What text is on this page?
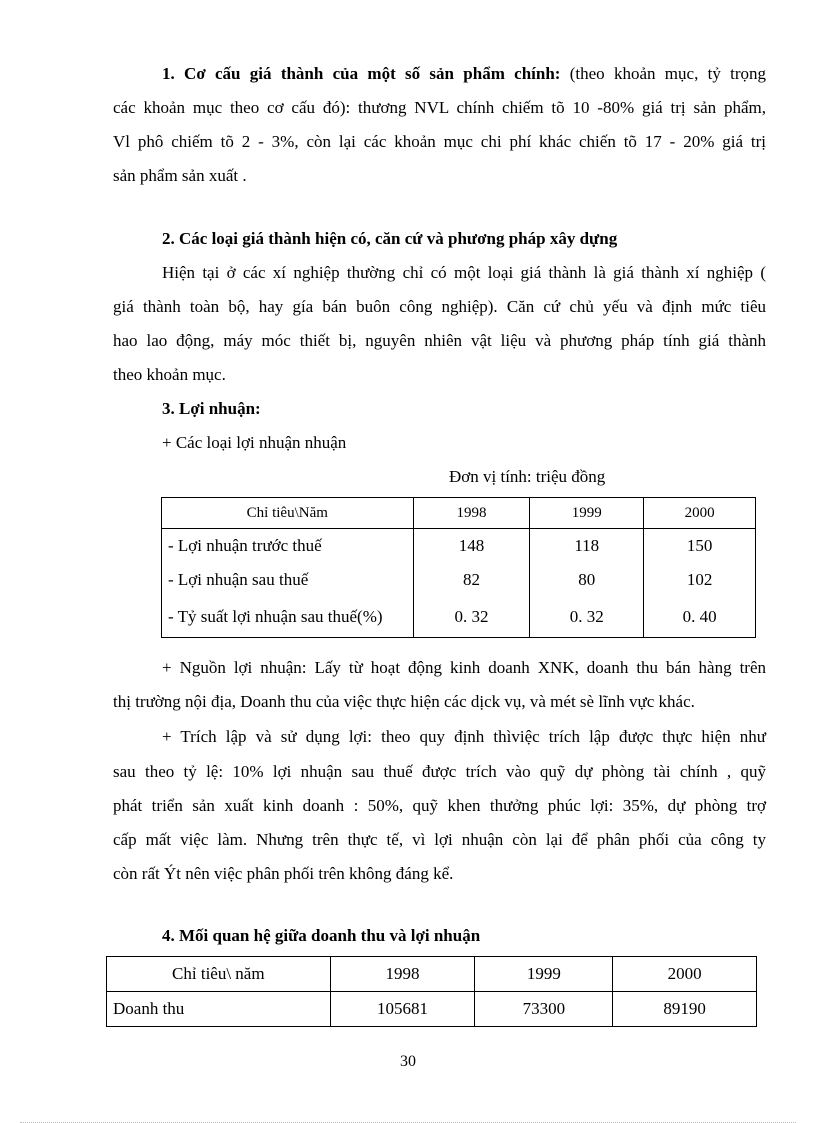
1. Cơ cấu giá thành của một số sản phẩm chính: (theo khoản mục, tỷ trọng
các khoản mục theo cơ cấu đó): thương NVL chính chiếm tõ 10 -80% giá trị sản phẩm,
Vl phô chiếm tõ 2 - 3%, còn lại các khoản mục chi phí khác chiến tõ 17 - 20% giá trị
sản phẩm sản xuất .
2. Các loại giá thành hiện có, căn cứ và phương pháp xây dựng
Hiện tại ở các xí nghiệp thường chỉ có một loại giá thành là giá thành xí nghiệp (
giá thành toàn bộ, hay gía bán buôn công nghiệp). Căn cứ chủ yếu và định mức tiêu
hao lao động, máy móc thiết bị, nguyên nhiên vật liệu và phương pháp tính giá thành
theo khoản mục.
3. Lợi nhuận:
+ Các loại lợi nhuận nhuận
Đơn vị tính: triệu đồng
Chỉ tiêu\Năm	1998	1999	2000
- Lợi nhuận trước thuế	148	118	150
- Lợi nhuận sau thuế	82	80	102
- Tỷ suất lợi nhuận sau thuế(%)	0. 32	0. 32	0. 40
+ Nguồn lợi nhuận: Lấy từ hoạt động kinh doanh XNK, doanh thu bán hàng trên
thị trường nội địa, Doanh thu của việc thực hiện các dịck vụ, và mét sè lĩnh vực khác.
+ Trích lập và sử dụng lợi: theo quy định thìviệc trích lập được thực hiện như
sau theo tỷ lệ: 10% lợi nhuận sau thuế được trích vào quỹ dự phòng tài chính , quỹ
phát triển sản xuất kinh doanh : 50%, quỹ khen thưởng phúc lợi: 35%, dự phòng trợ
cấp mất việc làm. Nhưng trên thực tế, vì lợi nhuận còn lại để phân phối của công ty
còn rất Ýt nên việc phân phối trên không đáng kể.
4. Mối quan hệ giữa doanh thu và lợi nhuận
Chỉ tiêu\ năm	1998	1999	2000
Doanh thu	105681	73300	89190
30
